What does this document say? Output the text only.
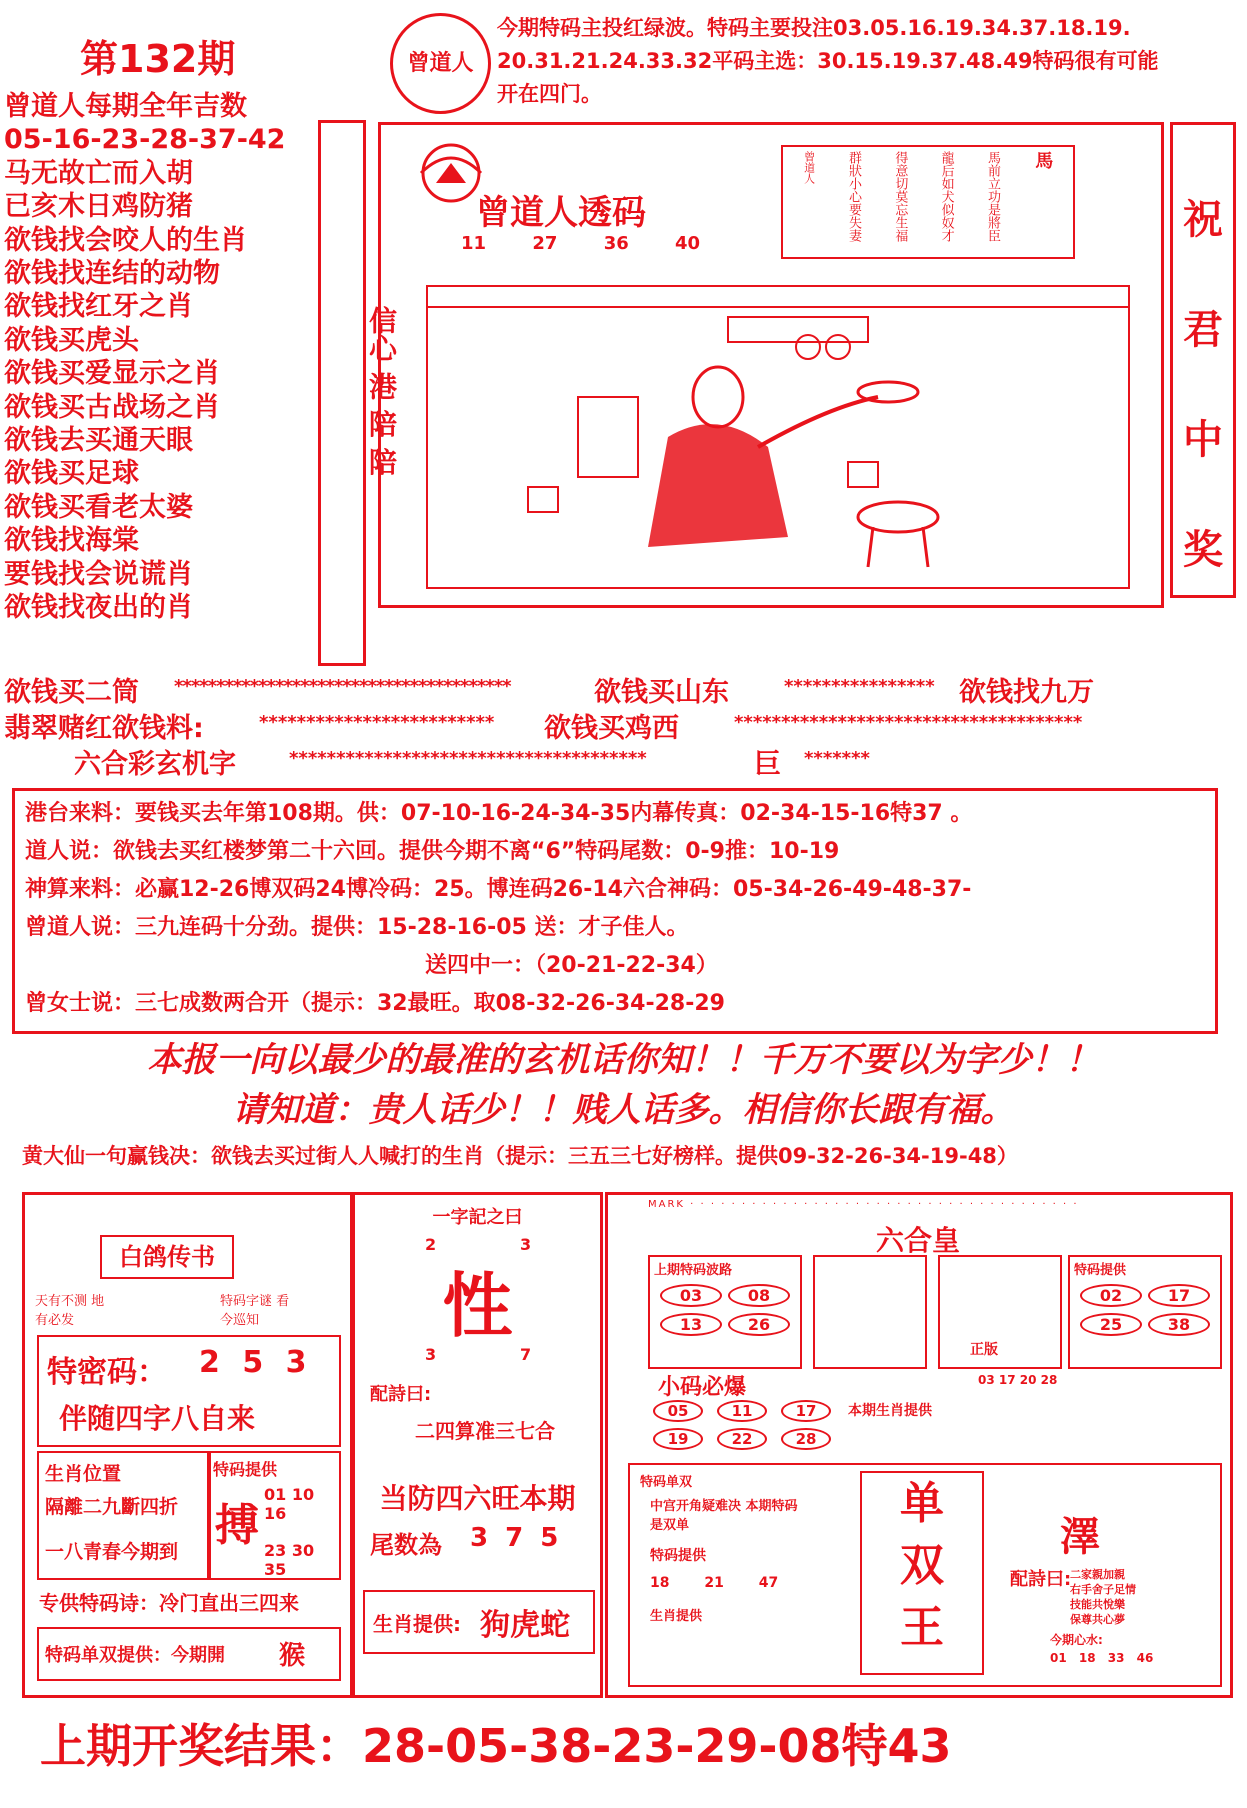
第132期
曾道人每期全年吉数
05-16-23-28-37-42
马无故亡而入胡
已亥木日鸡防猪
欲钱找会咬人的生肖
欲钱找连结的动物
欲钱找红牙之肖
欲钱买虎头
欲钱买爱显示之肖
欲钱买古战场之肖
欲钱去买通天眼
欲钱买足球
欲钱买看老太婆
欲钱找海棠
要钱找会说谎肖
欲钱找夜出的肖
信心 港 陪 陪
曾道人
今期特码主投红绿波。特码主要投注03.05.16.19.34.37.18.19.
20.31.21.24.33.32平码主选：30.15.19.37.48.49特码很有可能
开在四门。
曾道人透码
11	27	36	40
馬
馬前立功是將臣
龍后如犬似奴才
得意切莫忘生福
群狀小心要失妻
曾道人
祝
君
中
奖
欲钱买二筒 ****************************************	欲钱买山东	**************** 欲钱找九万
翡翠赌红欲钱料:	************************* 欲钱买鸡西	*************************************
六合彩玄机字	**************************************	巨 *******
港台来料：要钱买去年第108期。供：07-10-16-24-34-35内幕传真：02-34-15-16特37 。
道人说：欲钱去买红楼梦第二十六回。提供今期不离“6”特码尾数：0-9推：10-19
神算来料：必赢12-26博双码24博冷码：25。博连码26-14六合神码：05-34-26-49-48-37-
曾道人说：三九连码十分劲。提供：15-28-16-05 送：才子佳人。
送四中一：（20-21-22-34）
曾女士说：三七成数两合开（提示：32最旺。取08-32-26-34-28-29
本报一向以最少的最准的玄机话你知！！千万不要以为字少！！
请知道：贵人话少！！贱人话多。相信你长跟有福。
黄大仙一句赢钱决：欲钱去买过街人人喊打的生肖（提示：三五三七好榜样。提供09-32-26-34-19-48）
白鸽传书
天有不测 地有必发
特码字谜 看今巡知
特密码： 2 5 3
伴随四字八自来
生肖位置
隔離二九斷四折
一八青春今期到
特码提供
搏
01 10 16
23 30 35
专供特码诗：冷门直出三四来
特码单双提供：今期開 猴
一字記之曰
2	3
性
3	7
配詩曰:
二四算准三七合
当防四六旺本期
尾数為 3 7 5
生肖提供: 狗虎蛇
MARK · · · · · · · · · · · · · · · · · · · · · · · · · · · · · · · · · · · · · ·
六合皇
上期特码波路
03	08
13	26
正版
特码提供
02	17
25	38
小码必爆	03 17 20 28
本期生肖提供
05	11	17
19	22	28
特码单双
中宫开角疑难决 本期特码是双单
特码提供
18 21 47
生肖提供
单
双
王
澤
配詩曰:
二家親加親
右手舍子足情
技能共悅樂
保尊共心夢
今期心水:
01 18 33 46
上期开奖结果：28-05-38-23-29-08特43
